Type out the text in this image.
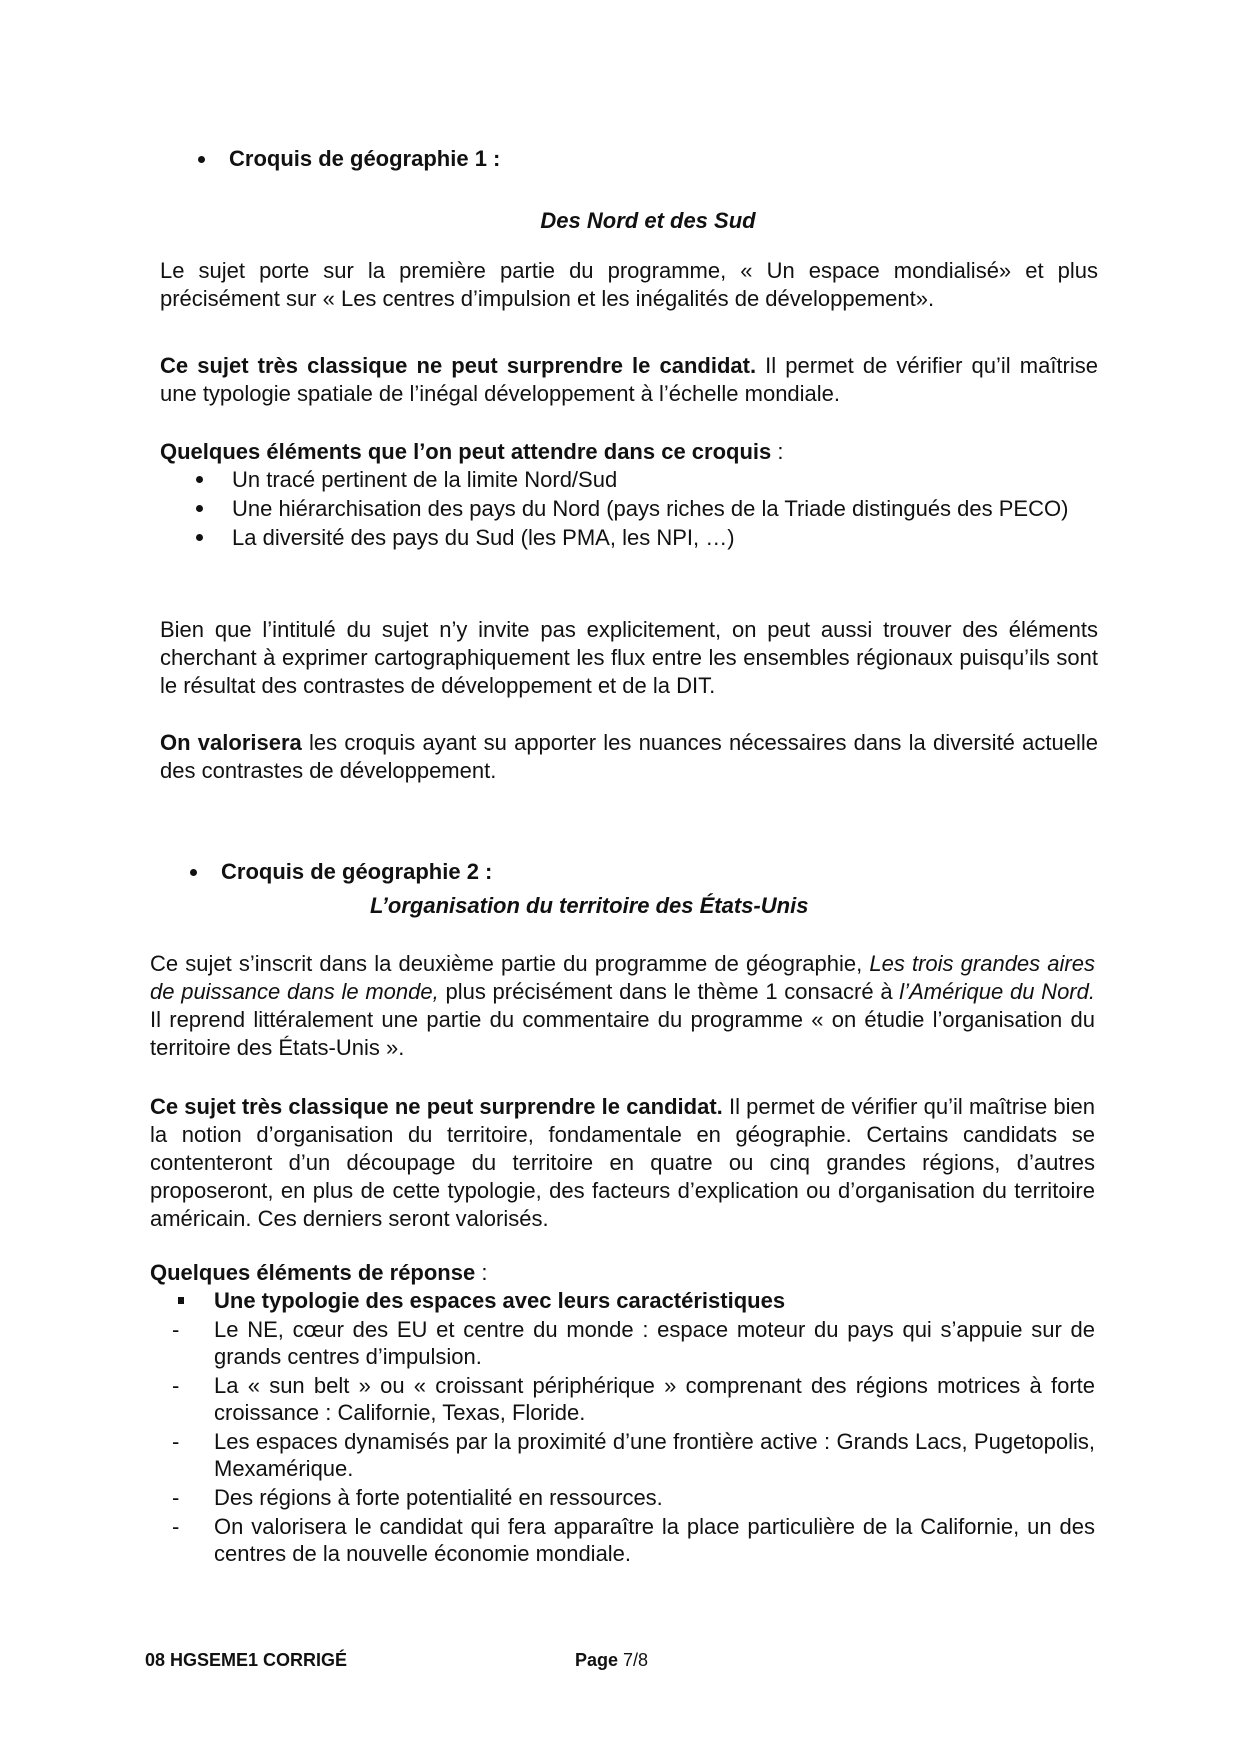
Croquis de géographie 1 :
Des Nord et des Sud
Le sujet porte sur la première partie du programme, « Un espace mondialisé» et plus précisément sur « Les centres d’impulsion et les inégalités de développement».
Ce sujet très classique ne peut surprendre le candidat. Il permet de vérifier qu’il maîtrise une typologie spatiale de l’inégal développement à l’échelle mondiale.
Quelques éléments que l’on peut attendre dans ce croquis :
Un tracé pertinent de la limite Nord/Sud
Une hiérarchisation des pays du Nord (pays riches de la Triade distingués des PECO)
La diversité des pays du Sud (les PMA, les NPI, …)
Bien que l’intitulé du sujet n’y invite pas explicitement, on peut aussi trouver des éléments cherchant à exprimer cartographiquement les flux entre les ensembles régionaux puisqu’ils sont le résultat des contrastes de développement et de la DIT.
On valorisera les croquis ayant su apporter les nuances nécessaires dans la diversité actuelle des contrastes de développement.
Croquis de géographie 2 :
L’organisation du territoire des États-Unis
Ce sujet s’inscrit dans la deuxième partie du programme de géographie, Les trois grandes aires de puissance dans le monde, plus précisément dans le thème 1 consacré à l’Amérique du Nord. Il reprend littéralement une partie du commentaire du programme « on étudie l’organisation du territoire des États-Unis ».
Ce sujet très classique ne peut surprendre le candidat. Il permet de vérifier qu’il maîtrise bien la notion d’organisation du territoire, fondamentale en géographie. Certains candidats se contenteront d’un découpage du territoire en quatre ou cinq grandes régions, d’autres proposeront, en plus de cette typologie, des facteurs d’explication ou d’organisation du territoire américain. Ces derniers seront valorisés.
Quelques éléments de réponse :
Une typologie des espaces avec leurs caractéristiques
- Le NE, cœur des EU et centre du monde : espace moteur du pays qui s’appuie sur de grands centres d’impulsion.
- La « sun belt » ou « croissant périphérique » comprenant des régions motrices à forte croissance : Californie, Texas, Floride.
- Les espaces dynamisés par la proximité d’une frontière active : Grands Lacs, Pugetopolis, Mexamérique.
- Des régions à forte potentialité en ressources.
- On valorisera le candidat qui fera apparaître la place particulière de la Californie, un des centres de la nouvelle économie mondiale.
08 HGSEME1 CORRIGÉ	Page 7/8
